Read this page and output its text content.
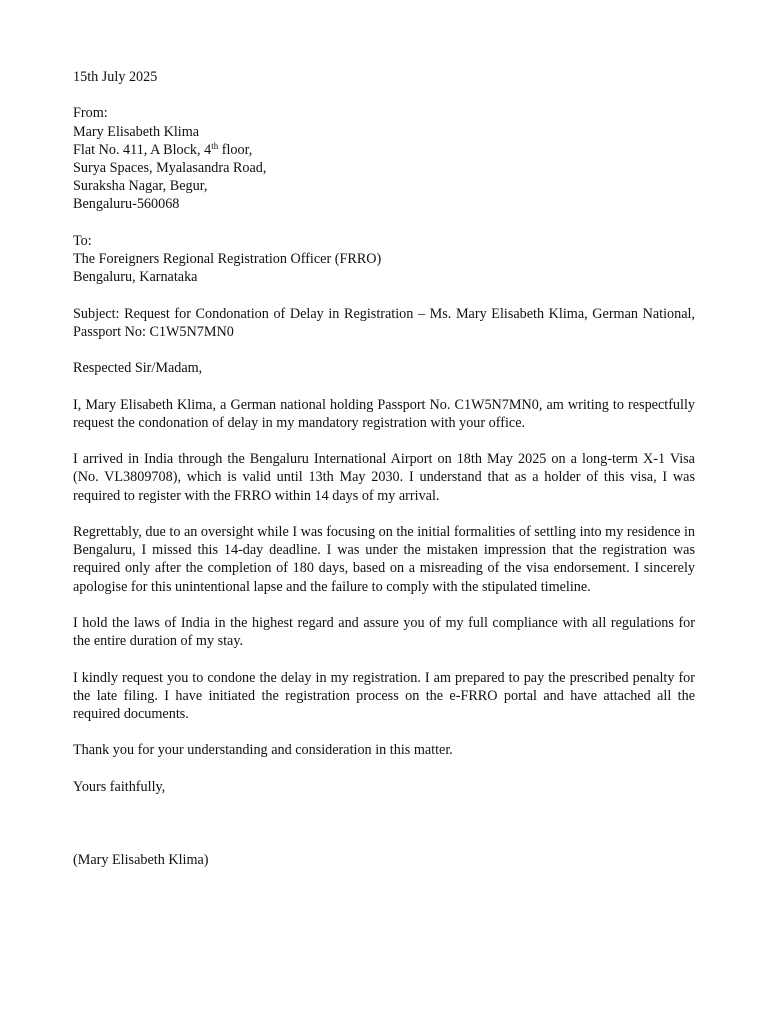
15th July 2025

From:
Mary Elisabeth Klima
Flat No. 411, A Block, 4th floor,
Surya Spaces, Myalasandra Road,
Suraksha Nagar, Begur,
Bengaluru-560068
To:
The Foreigners Regional Registration Officer (FRRO)
Bengaluru, Karnataka

Subject: Request for Condonation of Delay in Registration – Ms. Mary Elisabeth Klima, German National, Passport No: C1W5N7MN0

Respected Sir/Madam,

I, Mary Elisabeth Klima, a German national holding Passport No. C1W5N7MN0, am writing to respectfully request the condonation of delay in my mandatory registration with your office.

I arrived in India through the Bengaluru International Airport on 18th May 2025 on a long-term X-1 Visa (No. VL3809708), which is valid until 13th May 2030. I understand that as a holder of this visa, I was required to register with the FRRO within 14 days of my arrival.

Regrettably, due to an oversight while I was focusing on the initial formalities of settling into my residence in Bengaluru, I missed this 14-day deadline. I was under the mistaken impression that the registration was required only after the completion of 180 days, based on a misreading of the visa endorsement. I sincerely apologise for this unintentional lapse and the failure to comply with the stipulated timeline.

I hold the laws of India in the highest regard and assure you of my full compliance with all regulations for the entire duration of my stay.

I kindly request you to condone the delay in my registration. I am prepared to pay the prescribed penalty for the late filing. I have initiated the registration process on the e-FRRO portal and have attached all the required documents.

Thank you for your understanding and consideration in this matter.

Yours faithfully,

(Mary Elisabeth Klima)
